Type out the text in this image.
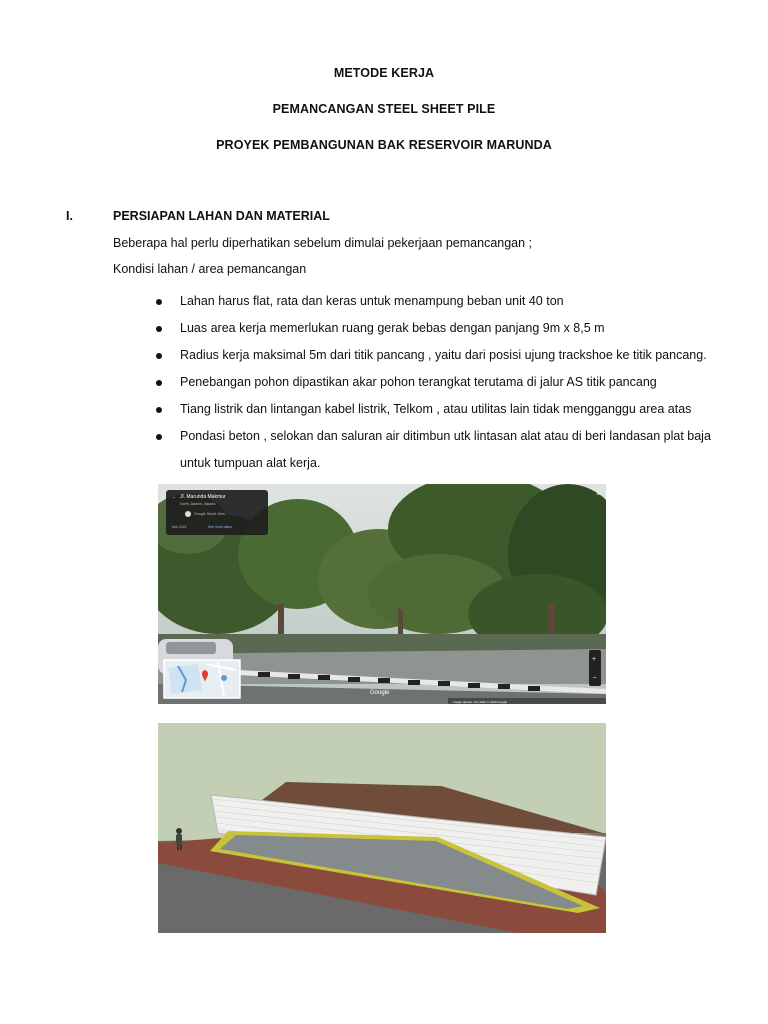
METODE KERJA
PEMANCANGAN STEEL SHEET PILE
PROYEK PEMBANGUNAN BAK RESERVOIR MARUNDA
I.	PERSIAPAN LAHAN DAN MATERIAL
Beberapa hal perlu diperhatikan sebelum dimulai pekerjaan pemancangan ;
Kondisi lahan / area pemancangan
Lahan harus flat, rata dan keras untuk menampung beban unit 40 ton
Luas area kerja memerlukan ruang gerak bebas dengan panjang 9m x 8,5 m
Radius kerja maksimal 5m dari titik pancang , yaitu dari posisi ujung trackshoe ke titik pancang.
Penebangan pohon dipastikan akar pohon terangkat terutama di jalur AS titik pancang
Tiang listrik dan lintangan kabel listrik, Telkom , atau utilitas lain tidak mengganggu area atas
Pondasi beton , selokan dan saluran air ditimbun utk lintasan alat atau di beri landasan plat baja
untuk tumpuan alat kerja.
← Jl. Marunda Makmur
North Jakarta, Jakarta
Google Street View
Nov 2022	See more dates
×
+
−
Google
Image capture: Oct 2022 © 2023 Google
